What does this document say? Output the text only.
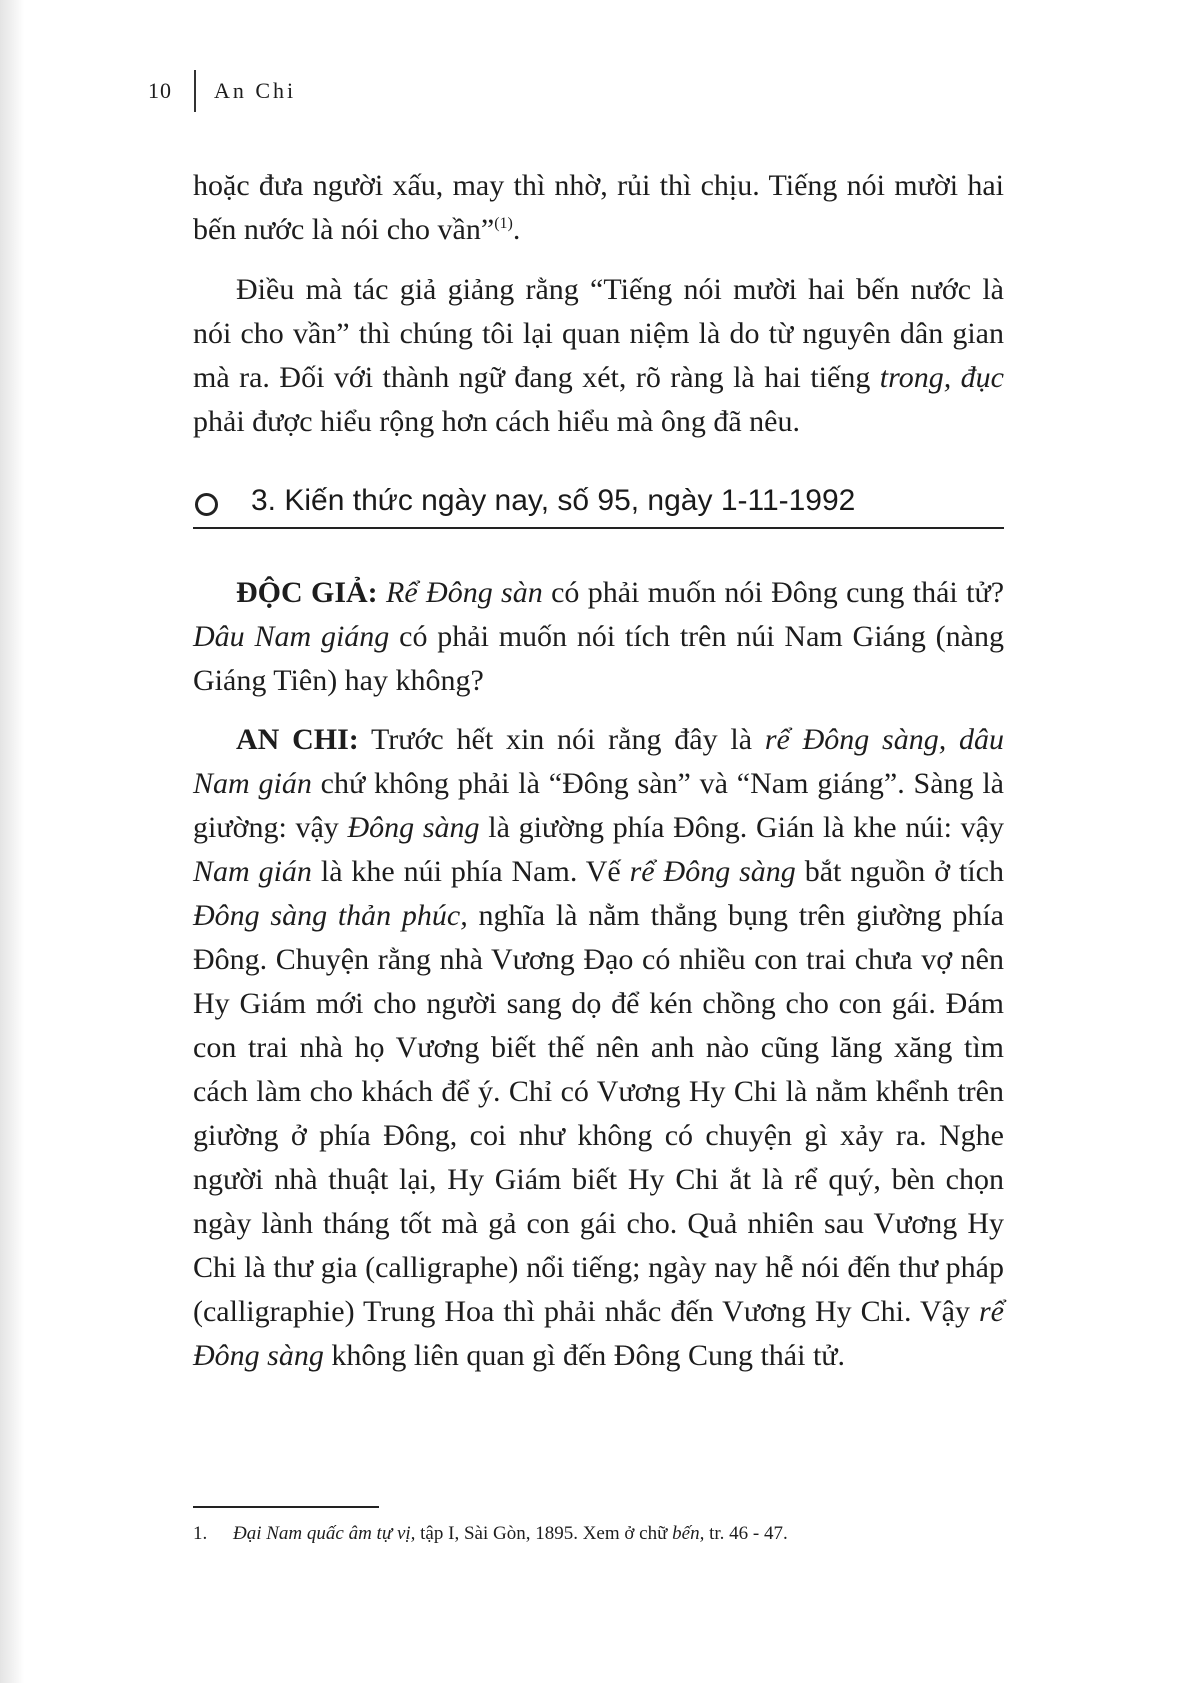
10 An Chi

hoặc đưa người xấu, may thì nhờ, rủi thì chịu. Tiếng nói mười hai bến nước là nói cho vần”$^{(1)}$.

Điều mà tác giả giảng rằng “Tiếng nói mười hai bến nước là nói cho vần” thì chúng tôi lại quan niệm là do từ nguyên dân gian mà ra. Đối với thành ngữ đang xét, rõ ràng là hai tiếng trong, đục phải được hiểu rộng hơn cách hiểu mà ông đã nêu.

3. Kiến thức ngày nay, số 95, ngày 1-11-1992

ĐỘC GIẢ: Rể Đông sàn có phải muốn nói Đông cung thái tử? Dâu Nam giáng có phải muốn nói tích trên núi Nam Giáng (nàng Giáng Tiên) hay không?

AN CHI: Trước hết xin nói rằng đây là rể Đông sàng, dâu Nam gián chứ không phải là “Đông sàn” và “Nam giáng”. Sàng là giường: vậy Đông sàng là giường phía Đông. Gián là khe núi: vậy Nam gián là khe núi phía Nam. Vế rể Đông sàng bắt nguồn ở tích Đông sàng thản phúc, nghĩa là nằm thẳng bụng trên giường phía Đông. Chuyện rằng nhà Vương Đạo có nhiều con trai chưa vợ nên Hy Giám mới cho người sang dọ để kén chồng cho con gái. Đám con trai nhà họ Vương biết thế nên anh nào cũng lăng xăng tìm cách làm cho khách để ý. Chỉ có Vương Hy Chi là nằm khểnh trên giường ở phía Đông, coi như không có chuyện gì xảy ra. Nghe người nhà thuật lại, Hy Giám biết Hy Chi ắt là rể quý, bèn chọn ngày lành tháng tốt mà gả con gái cho. Quả nhiên sau Vương Hy Chi là thư gia (calligraphe) nổi tiếng; ngày nay hễ nói đến thư pháp (calligraphie) Trung Hoa thì phải nhắc đến Vương Hy Chi. Vậy rể Đông sàng không liên quan gì đến Đông Cung thái tử.

1. Đại Nam quấc âm tự vị, tập I, Sài Gòn, 1895. Xem ở chữ bến, tr. 46 - 47.
